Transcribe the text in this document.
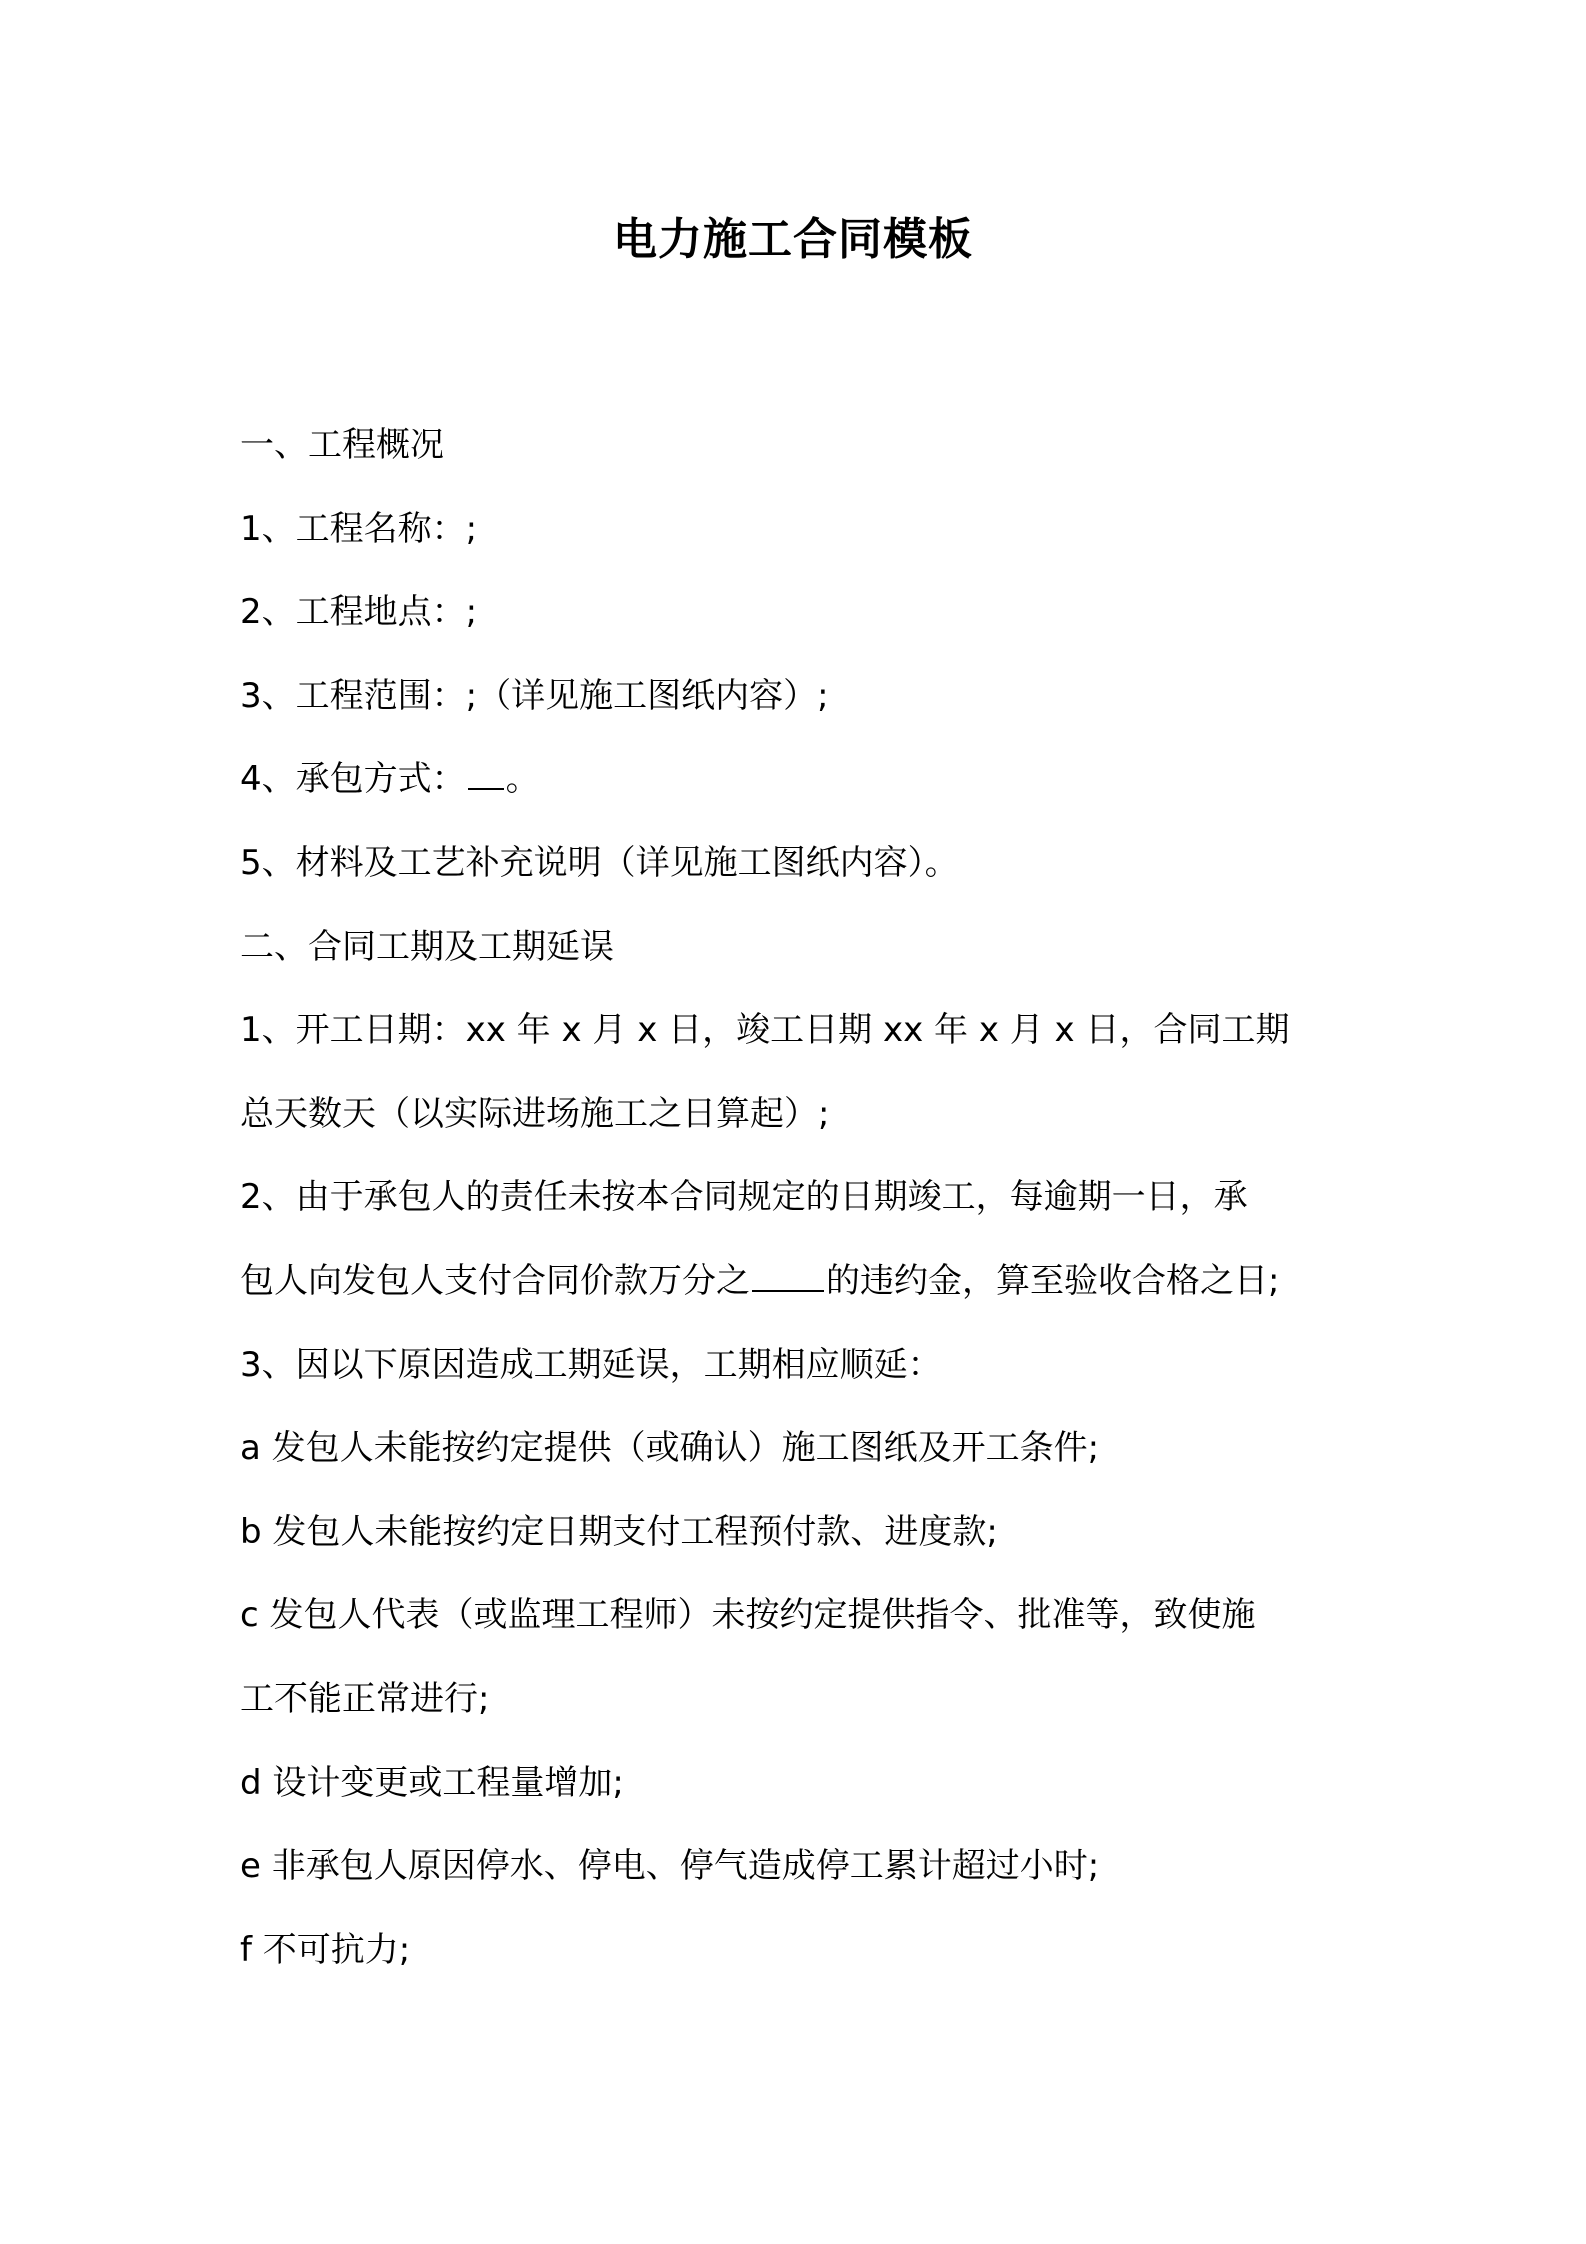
电力施工合同模板
一、工程概况
1、工程名称：;
2、工程地点：;
3、工程范围：;（详见施工图纸内容）;
4、承包方式： 。
5、材料及工艺补充说明（详见施工图纸内容）。
二、合同工期及工期延误
1、开工日期：xx 年 x 月 x 日，竣工日期 xx 年 x 月 x 日，合同工期
总天数天（以实际进场施工之日算起）;
2、由于承包人的责任未按本合同规定的日期竣工，每逾期一日，承
包人向发包人支付合同价款万分之 的违约金，算至验收合格之日;
3、因以下原因造成工期延误，工期相应顺延：
a 发包人未能按约定提供（或确认）施工图纸及开工条件;
b 发包人未能按约定日期支付工程预付款、进度款;
c 发包人代表（或监理工程师）未按约定提供指令、批准等，致使施
工不能正常进行;
d 设计变更或工程量增加;
e 非承包人原因停水、停电、停气造成停工累计超过小时;
f 不可抗力;
